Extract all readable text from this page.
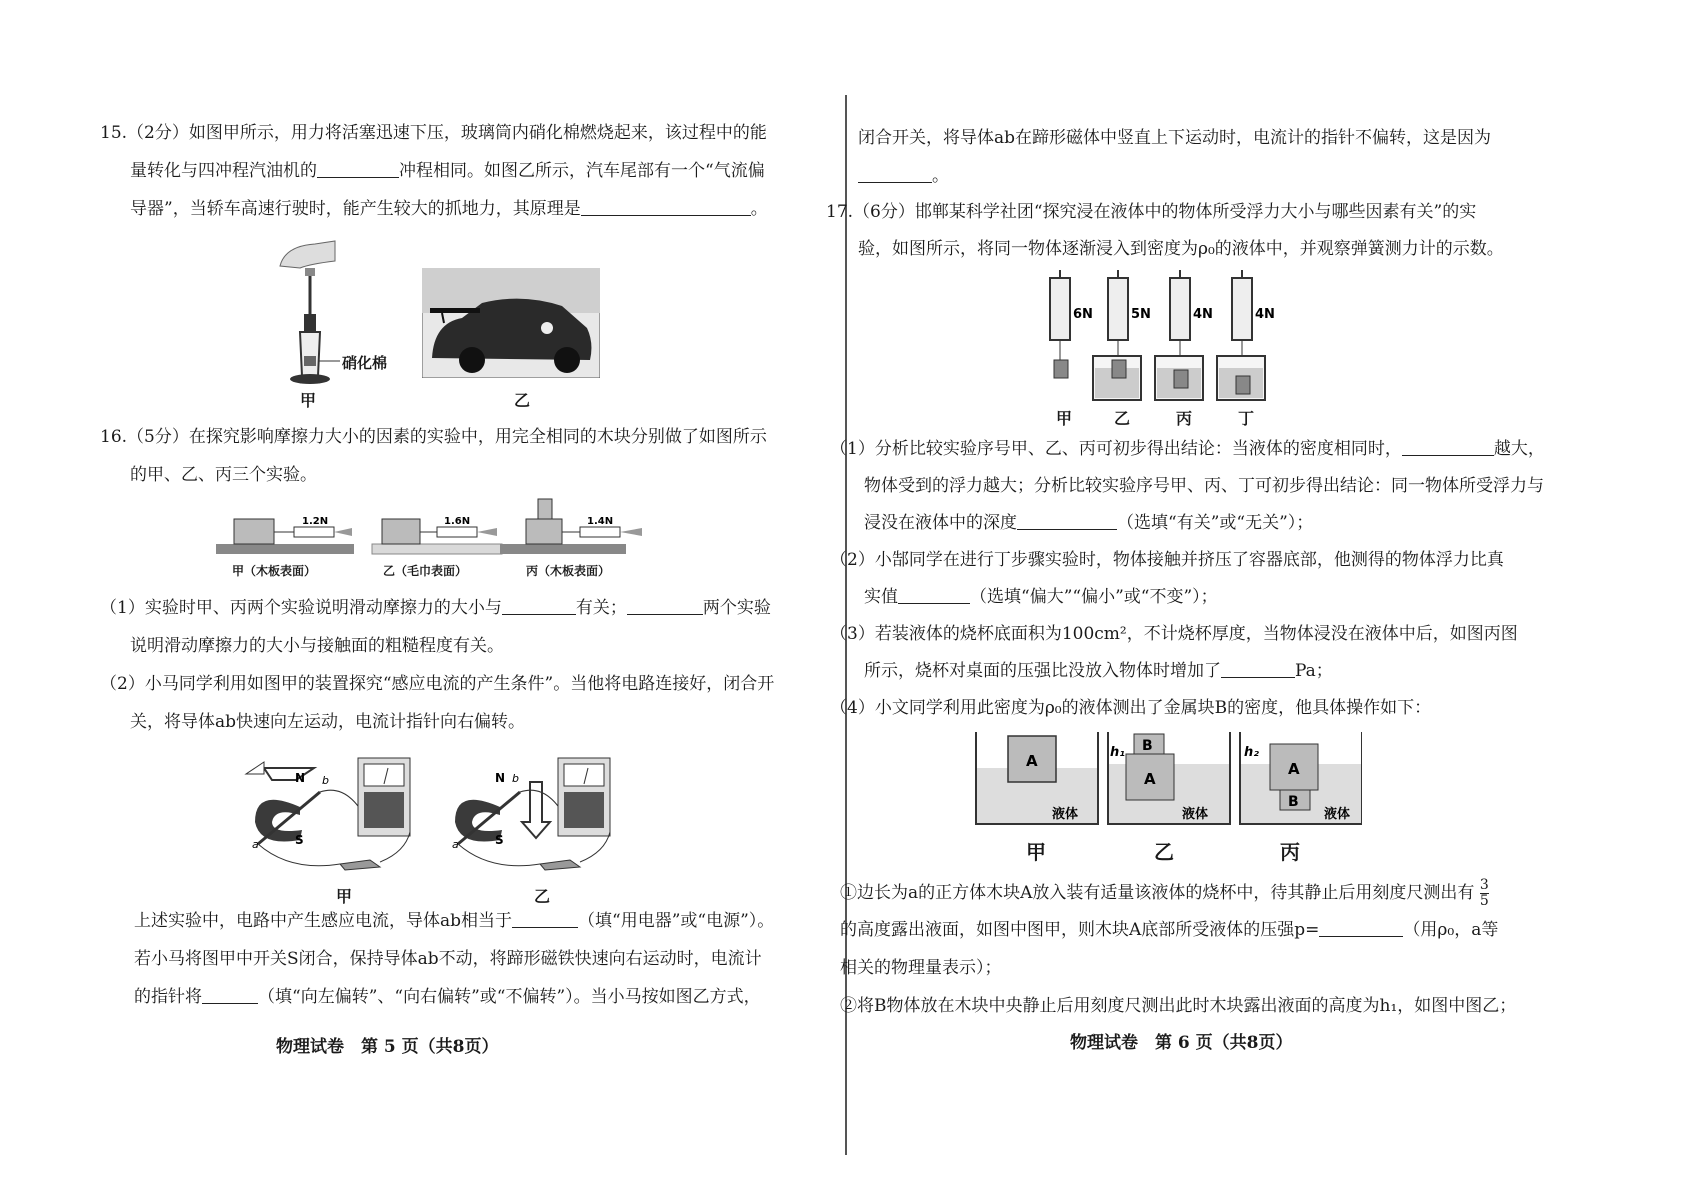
15.（2分）如图甲所示，用力将活塞迅速下压，玻璃筒内硝化棉燃烧起来，该过程中的能
量转化与四冲程汽油机的	冲程相同。如图乙所示，汽车尾部有一个“气流偏
导器”，当轿车高速行驶时，能产生较大的抓地力，其原理是	。
硝化棉
甲	乙
16.（5分）在探究影响摩擦力大小的因素的实验中，用完全相同的木块分别做了如图所示
的甲、乙、丙三个实验。
1.2N	1.6N	1.4N
甲（木板表面）	乙（毛巾表面）	丙（木板表面）
（1）实验时甲、丙两个实验说明滑动摩擦力的大小与	有关；	两个实验
说明滑动摩擦力的大小与接触面的粗糙程度有关。
（2）小马同学利用如图甲的装置探究“感应电流的产生条件”。当他将电路连接好，闭合开
关，将导体ab快速向左运动，电流计指针向右偏转。
N
S
a
b	N
S
a
b
甲	乙
上述实验中，电路中产生感应电流，导体ab相当于	（填“用电器”或“电源”）。
若小马将图甲中开关S闭合，保持导体ab不动，将蹄形磁铁快速向右运动时，电流计
的指针将	（填“向左偏转”、“向右偏转”或“不偏转”）。当小马按如图乙方式，
物理试卷　第 5 页（共8页）
闭合开关，将导体ab在蹄形磁体中竖直上下运动时，电流计的指针不偏转，这是因为
。
17.（6分）邯郸某科学社团“探究浸在液体中的物体所受浮力大小与哪些因素有关”的实
验，如图所示，将同一物体逐渐浸入到密度为ρ₀的液体中，并观察弹簧测力计的示数。
6N	5N	4N	4N
甲	乙	丙	丁
（1）分析比较实验序号甲、乙、丙可初步得出结论：当液体的密度相同时，	越大，
物体受到的浮力越大；分析比较实验序号甲、丙、丁可初步得出结论：同一物体所受浮力与
浸没在液体中的深度	（选填“有关”或“无关”）；
（2）小郜同学在进行丁步骤实验时，物体接触并挤压了容器底部，他测得的物体浮力比真
实值	（选填“偏大”“偏小”或“不变”）；
（3）若装液体的烧杯底面积为100cm²，不计烧杯厚度，当物体浸没在液体中后，如图丙图
所示，烧杯对桌面的压强比没放入物体时增加了	Pa；
（4）小文同学利用此密度为ρ₀的液体测出了金属块B的密度，他具体操作如下：
A
液体
B
A
h₁
液体
A
B
h₂
液体
甲	乙	丙
①边长为a的正方体木块A放入装有适量该液体的烧杯中，待其静止后用刻度尺测出有 $\frac{3}{5}$
的高度露出液面，如图中图甲，则木块A底部所受液体的压强p=	（用ρ₀，a等
相关的物理量表示）；
②将B物体放在木块中央静止后用刻度尺测出此时木块露出液面的高度为h₁，如图中图乙；
物理试卷　第 6 页（共8页）
